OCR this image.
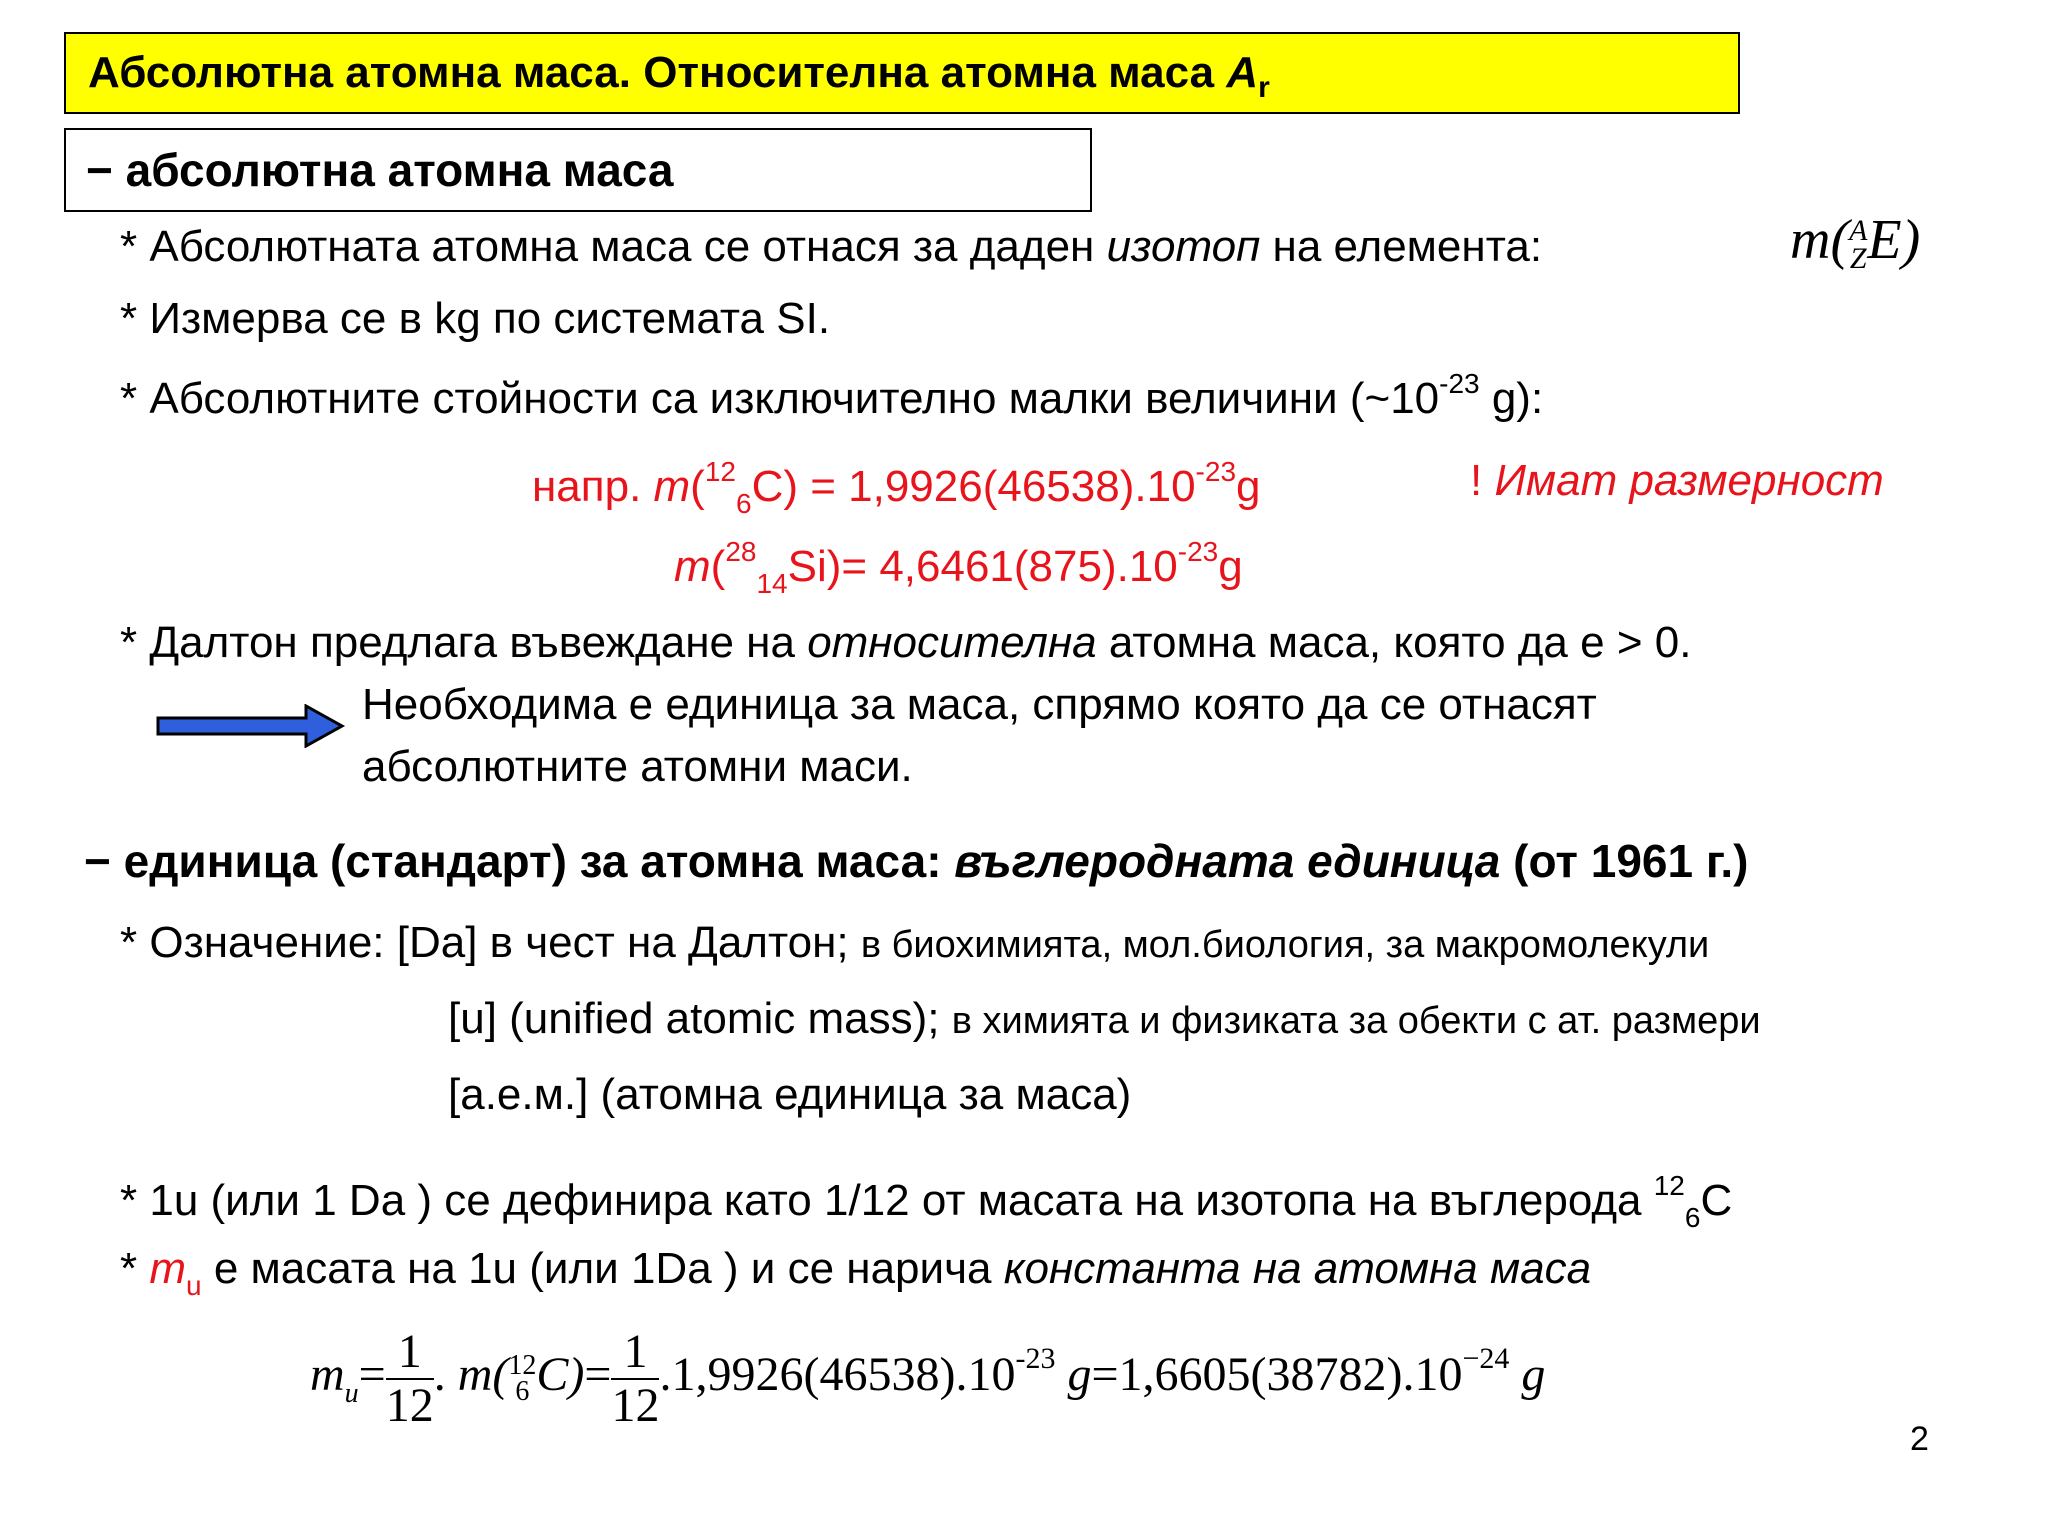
Абсолютна атомна маса. Относителна атомна маса $A_r$
− абсолютна атомна маса
* Абсолютната атомна маса се отнася за даден изотоп на елемента:	m( A
Z E)
* Измерва се в kg по системата SI.
* Абсолютните стойности са изключително малки величини ($\sim 10^{-23}$ g):
напр. $m(^{12}_6C) = 1,9926(46538).10^{-23}g$	! Имат размерност
$m(^{28}_{14}Si)= 4,6461(875).10^{-23}g$
* Далтон предлага въвеждане на относителна атомна маса, която да е > 0.
Необходима е единица за маса, спрямо която да се отнасят
абсолютните атомни маси.
− единица (стандарт) за атомна маса: въглеродната единица (от 1961 г.)
* Означение: [Da] в чест на Далтон; в биохимията, мол.биология, за макромолекули
[u] (unified atomic mass); в химията и физиката за обекти с ат. размери
[а.е.м.] (атомна единица за маса)
* 1u (или 1 Da ) се дефинира като 1/12 от масата на изотопа на въглерода $^{12}_6$C
* $m_u$ е масата на 1u (или 1Da ) и се нарича константа на атомна маса
$m_u= \frac{1}{12}$ . m( 12
6 $C)= \frac{1}{12} .1,9926(46538).10^{-23}$ $g=1,6605(38782).10^{-24}$ g
2
